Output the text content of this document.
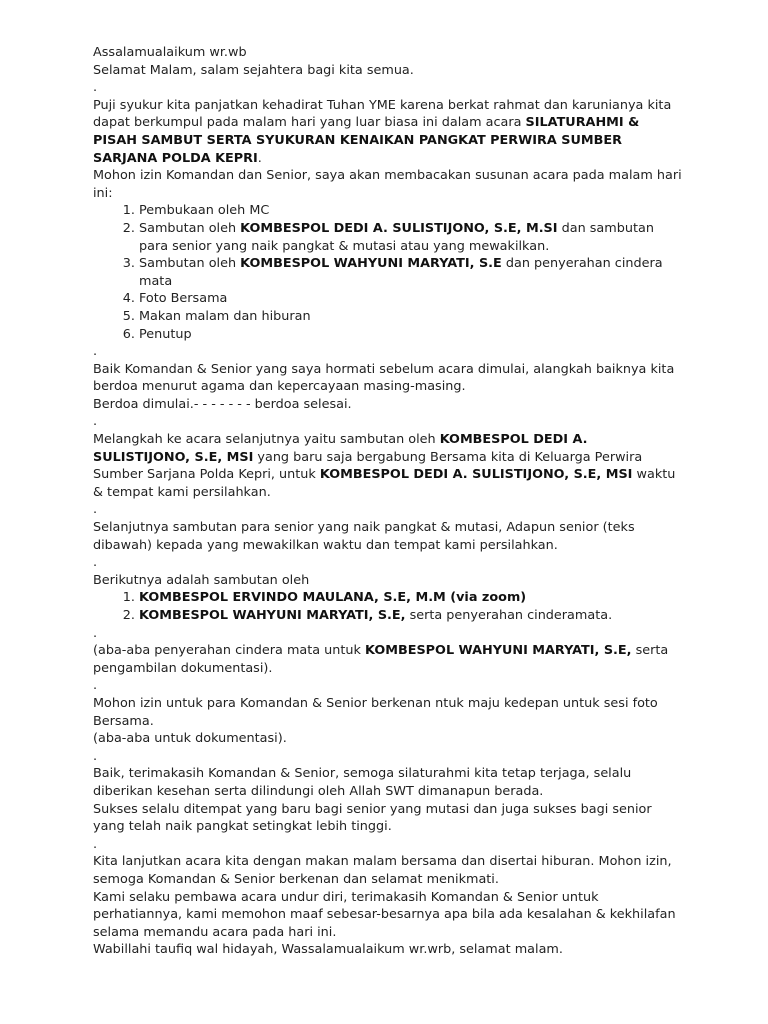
Assalamualaikum wr.wb

Selamat Malam, salam sejahtera bagi kita semua.

.

Puji syukur kita panjatkan kehadirat Tuhan YME karena berkat rahmat dan karunianya kita dapat berkumpul pada malam hari yang luar biasa ini dalam acara SILATURAHMI & PISAH SAMBUT SERTA SYUKURAN KENAIKAN PANGKAT PERWIRA SUMBER SARJANA POLDA KEPRI.

Mohon izin Komandan dan Senior, saya akan membacakan susunan acara pada malam hari ini:

1. Pembukaan oleh MC
2. Sambutan oleh KOMBESPOL DEDI A. SULISTIJONO, S.E, M.SI dan sambutan para senior yang naik pangkat & mutasi atau yang mewakilkan.
3. Sambutan oleh KOMBESPOL WAHYUNI MARYATI, S.E dan penyerahan cindera mata
4. Foto Bersama
5. Makan malam dan hiburan
6. Penutup

.

Baik Komandan & Senior yang saya hormati sebelum acara dimulai, alangkah baiknya kita berdoa menurut agama dan kepercayaan masing-masing.

Berdoa dimulai.- - - - - - - berdoa selesai.

.

Melangkah ke acara selanjutnya yaitu sambutan oleh KOMBESPOL DEDI A. SULISTIJONO, S.E, MSI yang baru saja bergabung Bersama kita di Keluarga Perwira Sumber Sarjana Polda Kepri, untuk KOMBESPOL DEDI A. SULISTIJONO, S.E, MSI waktu & tempat kami persilahkan.

.

Selanjutnya sambutan para senior yang naik pangkat & mutasi, Adapun senior (teks dibawah) kepada yang mewakilkan waktu dan tempat kami persilahkan.

.

Berikutnya adalah sambutan oleh

1. KOMBESPOL ERVINDO MAULANA, S.E, M.M (via zoom)
2. KOMBESPOL WAHYUNI MARYATI, S.E, serta penyerahan cinderamata.

.

(aba-aba penyerahan cindera mata untuk KOMBESPOL WAHYUNI MARYATI, S.E, serta pengambilan dokumentasi).

.

Mohon izin untuk para Komandan & Senior berkenan ntuk maju kedepan untuk sesi foto Bersama.

(aba-aba untuk dokumentasi).

.

Baik, terimakasih Komandan & Senior, semoga silaturahmi kita tetap terjaga, selalu diberikan kesehan serta dilindungi oleh Allah SWT dimanapun berada.

Sukses selalu ditempat yang baru bagi senior yang mutasi dan juga sukses bagi senior yang telah naik pangkat setingkat lebih tinggi.

.

Kita lanjutkan acara kita dengan makan malam bersama dan disertai hiburan. Mohon izin, semoga Komandan & Senior berkenan dan selamat menikmati.

Kami selaku pembawa acara undur diri, terimakasih Komandan & Senior untuk perhatiannya, kami memohon maaf sebesar-besarnya apa bila ada kesalahan & kekhilafan selama memandu acara pada hari ini.

Wabillahi taufiq wal hidayah, Wassalamualaikum wr.wrb, selamat malam.
